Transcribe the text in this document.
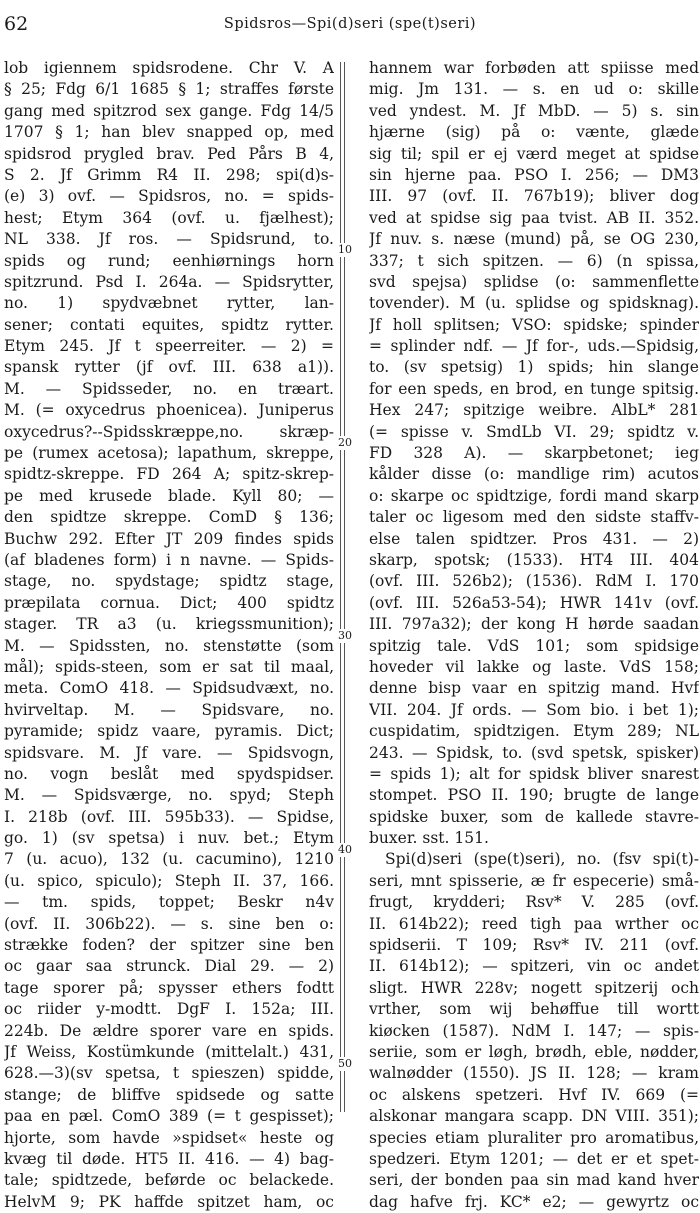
62	Spidsros—Spi(d)seri (spe(t)seri)
10
20
30
40
50
lob igiennem spidsrodene. Chr V. A
§ 25; Fdg 6/1 1685 § 1; straffes første
gang med spitzrod sex gange. Fdg 14/5
1707 § 1; han blev snapped op, med
spidsrod prygled brav. Ped Pårs B 4,
S 2. Jf Grimm R4 II. 298; spi(d)s-
(e) 3) ovf. — Spidsros, no. = spids-
hest; Etym 364 (ovf. u. fjælhest);
NL 338. Jf ros. — Spidsrund, to.
spids og rund; eenhiørnings horn
spitzrund. Psd I. 264a. — Spidsrytter,
no. 1) spydvæbnet rytter, lan-
sener; contati equites, spidtz rytter.
Etym 245. Jf t speerreiter. — 2) =
spansk rytter (jf ovf. III. 638 a1)).
M. — Spidsseder, no. en træart.
M. (= oxycedrus phoenicea). Juniperus
oxycedrus?--Spidsskræppe,no. skræp-
pe (rumex acetosa); lapathum, skreppe,
spidtz-skreppe. FD 264 A; spitz-skrep-
pe med krusede blade. Kyll 80; —
den spidtze skreppe. ComD § 136;
Buchw 292. Efter JT 209 findes spids
(af bladenes form) i n navne. — Spids-
stage, no. spydstage; spidtz stage,
præpilata cornua. Dict; 400 spidtz
stager. TR a3 (u. kriegssmunition);
M. — Spidssten, no. stenstøtte (som
mål); spids-steen, som er sat til maal,
meta. ComO 418. — Spidsudvæxt, no.
hvirveltap. M. — Spidsvare, no.
pyramide; spidz vaare, pyramis. Dict;
spidsvare. M. Jf vare. — Spidsvogn,
no. vogn beslåt med spydspidser.
M. — Spidsværge, no. spyd; Steph
I. 218b (ovf. III. 595b33). — Spidse,
go. 1) (sv spetsa) i nuv. bet.; Etym
7 (u. acuo), 132 (u. cacumino), 1210
(u. spico, spiculo); Steph II. 37, 166.
— tm. spids, toppet; Beskr n4v
(ovf. II. 306b22). — s. sine ben o:
strække foden? der spitzer sine ben
oc gaar saa strunck. Dial 29. — 2)
tage sporer på; spysser ethers fodtt
oc riider y-modtt. DgF I. 152a; III.
224b. De ældre sporer vare en spids.
Jf Weiss, Kostümkunde (mittelalt.) 431,
628.—3)(sv spetsa, t spieszen) spidde,
stange; de bliffve spidsede og satte
paa en pæl. ComO 389 (= t gespisset);
hjorte, som havde »spidset« heste og
kvæg til døde. HT5 II. 416. — 4) bag-
tale; spidtzede, beførde oc belackede.
HelvM 9; PK haffde spitzet ham, oc
hannem war forbøden att spiisse med
mig. Jm 131. — s. en ud o: skille
ved yndest. M. Jf MbD. — 5) s. sin
hjærne (sig) på o: vænte, glæde
sig til; spil er ej værd meget at spidse
sin hjerne paa. PSO I. 256; — DM3
III. 97 (ovf. II. 767b19); bliver dog
ved at spidse sig paa tvist. AB II. 352.
Jf nuv. s. næse (mund) på, se OG 230,
337; t sich spitzen. — 6) (n spissa,
svd spejsa) splidse (o: sammenflette
tovender). M (u. splidse og spidsknag).
Jf holl splitsen; VSO: spidske; spinder
= splinder ndf. — Jf for-, uds.—Spidsig,
to. (sv spetsig) 1) spids; hin slange
for een speds, en brod, en tunge spitsig.
Hex 247; spitzige weibre. AlbL* 281
(= spisse v. SmdLb VI. 29; spidtz v.
FD 328 A). — skarpbetonet; ieg
kålder disse (o: mandlige rim) acutos
o: skarpe oc spidtzige, fordi mand skarp
taler oc ligesom med den sidste staffv-
else talen spidtzer. Pros 431. — 2)
skarp, spotsk; (1533). HT4 III. 404
(ovf. III. 526b2); (1536). RdM I. 170
(ovf. III. 526a53-54); HWR 141v (ovf.
III. 797a32); der kong H hørde saadan
spitzig tale. VdS 101; som spidsige
hoveder vil lakke og laste. VdS 158;
denne bisp vaar en spitzig mand. Hvf
VII. 204. Jf ords. — Som bio. i bet 1);
cuspidatim, spidtzigen. Etym 289; NL
243. — Spidsk, to. (svd spetsk, spisker)
= spids 1); alt for spidsk bliver snarest
stompet. PSO II. 190; brugte de lange
spidske buxer, som de kallede stavre-
buxer. sst. 151.
Spi(d)seri (spe(t)seri), no. (fsv spi(t)-
seri, mnt spisserie, æ fr especerie) små-
frugt, krydderi; Rsv* V. 285 (ovf.
II. 614b22); reed tigh paa wrther oc
spidserii. T 109; Rsv* IV. 211 (ovf.
II. 614b12); — spitzeri, vin oc andet
sligt. HWR 228v; nogett spitzerij och
vrther, som wij behøffue till wortt
kiøcken (1587). NdM I. 147; — spis-
seriie, som er løgh, brødh, eble, nødder,
walnødder (1550). JS II. 128; — kram
oc alskens spetzeri. Hvf IV. 669 (=
alskonar mangara scapp. DN VIII. 351);
species etiam pluraliter pro aromatibus,
spedzeri. Etym 1201; — det er et spet-
seri, der bonden paa sin mad kand hver
dag hafve frj. KC* e2; — gewyrtz oc
